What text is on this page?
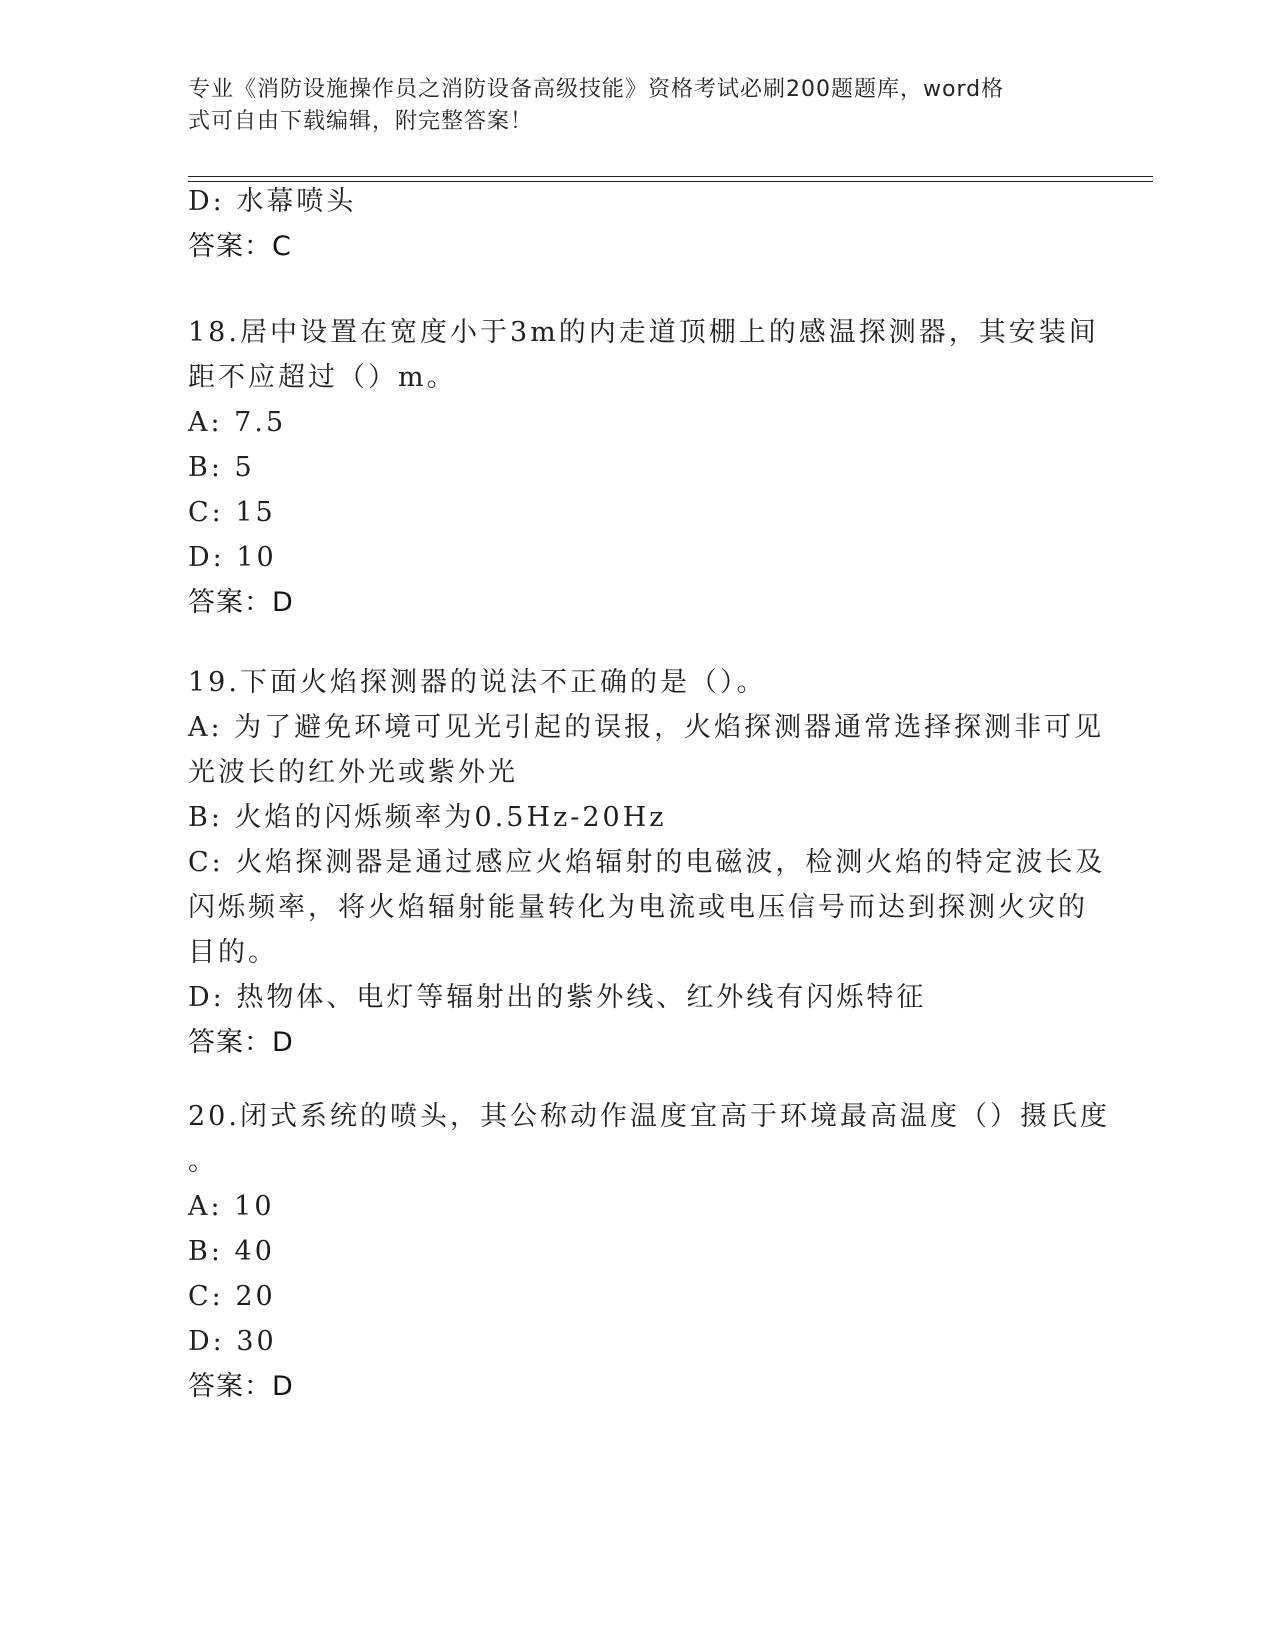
专业《消防设施操作员之消防设备高级技能》资格考试必刷200题题库，word格
式可自由下载编辑，附完整答案！
D: 水幕喷头
答案：C
18.居中设置在宽度小于3m的内走道顶棚上的感温探测器，其安装间
距不应超过（）m。
A: 7.5
B: 5
C: 15
D: 10
答案：D
19.下面火焰探测器的说法不正确的是（）。
A: 为了避免环境可见光引起的误报，火焰探测器通常选择探测非可见
光波长的红外光或紫外光
B: 火焰的闪烁频率为0.5Hz-20Hz
C: 火焰探测器是通过感应火焰辐射的电磁波，检测火焰的特定波长及
闪烁频率，将火焰辐射能量转化为电流或电压信号而达到探测火灾的
目的。
D: 热物体、电灯等辐射出的紫外线、红外线有闪烁特征
答案：D
20.闭式系统的喷头，其公称动作温度宜高于环境最高温度（）摄氏度
。
A: 10
B: 40
C: 20
D: 30
答案：D
